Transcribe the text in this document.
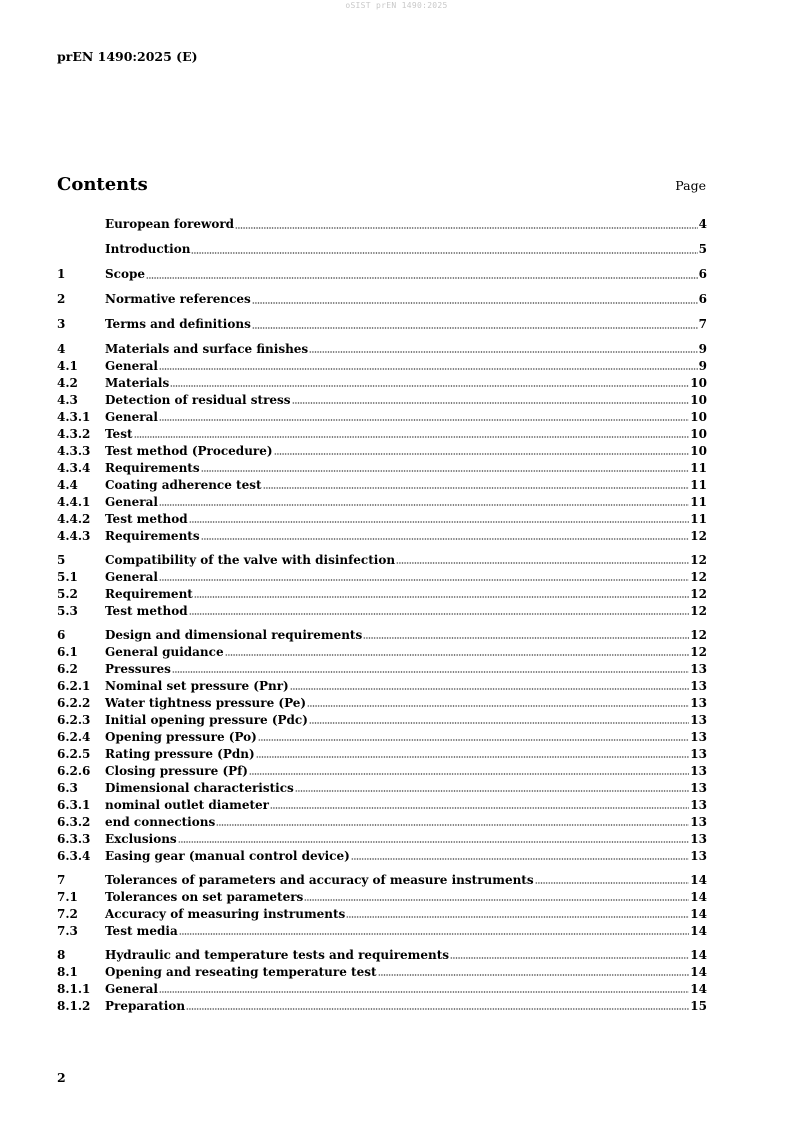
oSIST prEN 1490:2025
prEN 1490:2025 (E)
Contents	Page
European foreword	4
Introduction	5
1	Scope	6
2	Normative references	6
3	Terms and definitions	7
4	Materials and surface finishes	9
4.1	General	9
4.2	Materials	10
4.3	Detection of residual stress	10
4.3.1	General	10
4.3.2	Test	10
4.3.3	Test method (Procedure)	10
4.3.4	Requirements	11
4.4	Coating adherence test	11
4.4.1	General	11
4.4.2	Test method	11
4.4.3	Requirements	12
5	Compatibility of the valve with disinfection	12
5.1	General	12
5.2	Requirement	12
5.3	Test method	12
6	Design and dimensional requirements	12
6.1	General guidance	12
6.2	Pressures	13
6.2.1	Nominal set pressure (Pnr)	13
6.2.2	Water tightness pressure (Pe)	13
6.2.3	Initial opening pressure (Pdc)	13
6.2.4	Opening pressure (Po)	13
6.2.5	Rating pressure (Pdn)	13
6.2.6	Closing pressure (Pf)	13
6.3	Dimensional characteristics	13
6.3.1	nominal outlet diameter	13
6.3.2	end connections	13
6.3.3	Exclusions	13
6.3.4	Easing gear (manual control device)	13
7	Tolerances of parameters and accuracy of measure instruments	14
7.1	Tolerances on set parameters	14
7.2	Accuracy of measuring instruments	14
7.3	Test media	14
8	Hydraulic and temperature tests and requirements	14
8.1	Opening and reseating temperature test	14
8.1.1	General	14
8.1.2	Preparation	15
2
